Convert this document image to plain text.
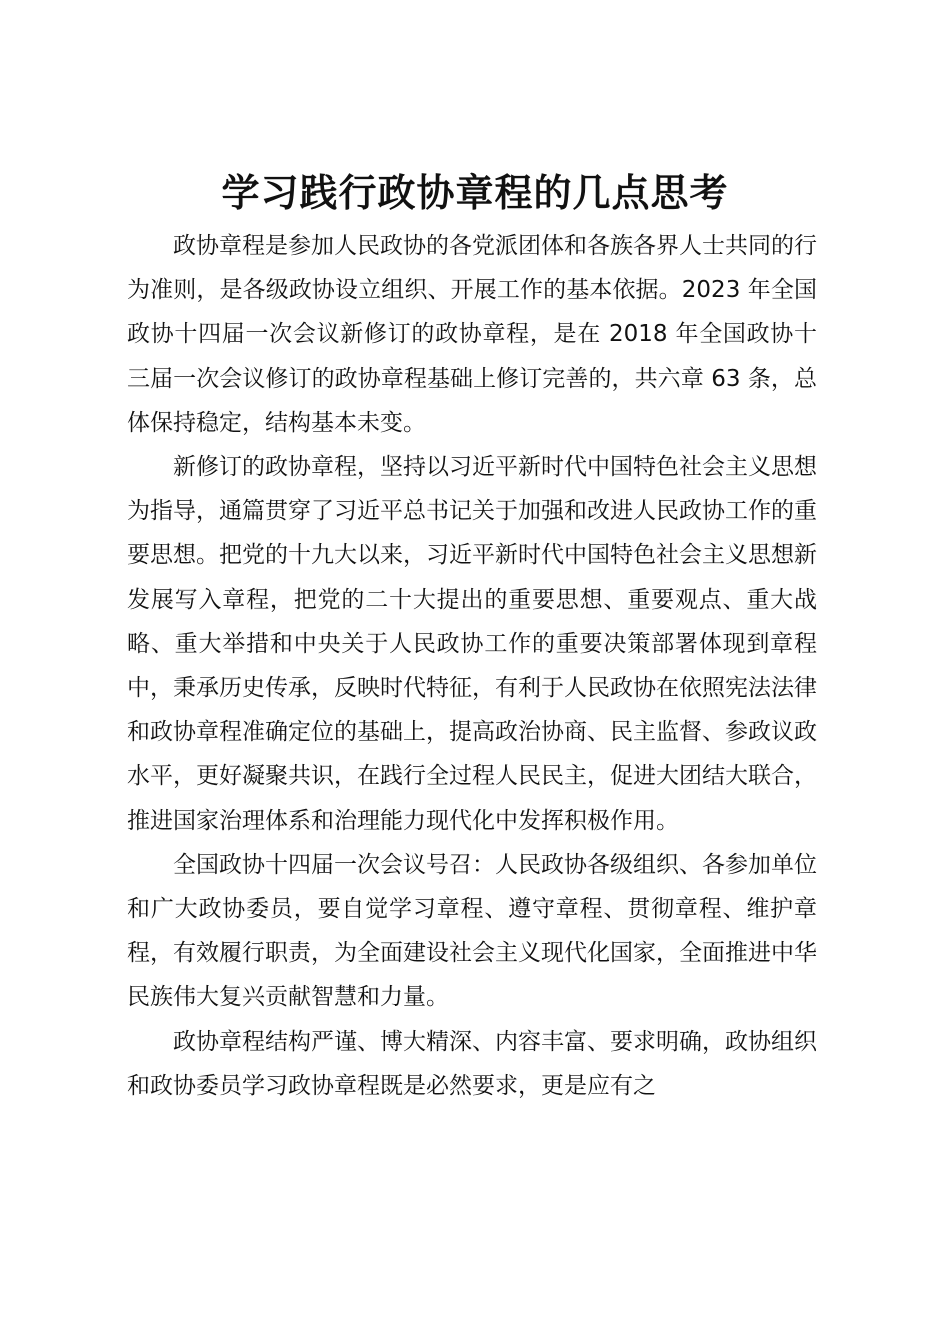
学习践行政协章程的几点思考

政协章程是参加人民政协的各党派团体和各族各界人士共同的行为准则，是各级政协设立组织、开展工作的基本依据。2023 年全国政协十四届一次会议新修订的政协章程，是在 2018 年全国政协十三届一次会议修订的政协章程基础上修订完善的，共六章 63 条，总体保持稳定，结构基本未变。

新修订的政协章程，坚持以习近平新时代中国特色社会主义思想为指导，通篇贯穿了习近平总书记关于加强和改进人民政协工作的重要思想。把党的十九大以来，习近平新时代中国特色社会主义思想新发展写入章程，把党的二十大提出的重要思想、重要观点、重大战略、重大举措和中央关于人民政协工作的重要决策部署体现到章程中，秉承历史传承，反映时代特征，有利于人民政协在依照宪法法律和政协章程准确定位的基础上，提高政治协商、民主监督、参政议政水平，更好凝聚共识，在践行全过程人民民主，促进大团结大联合，推进国家治理体系和治理能力现代化中发挥积极作用。

全国政协十四届一次会议号召：人民政协各级组织、各参加单位和广大政协委员，要自觉学习章程、遵守章程、贯彻章程、维护章程，有效履行职责，为全面建设社会主义现代化国家，全面推进中华民族伟大复兴贡献智慧和力量。

政协章程结构严谨、博大精深、内容丰富、要求明确，政协组织和政协委员学习政协章程既是必然要求，更是应有之
